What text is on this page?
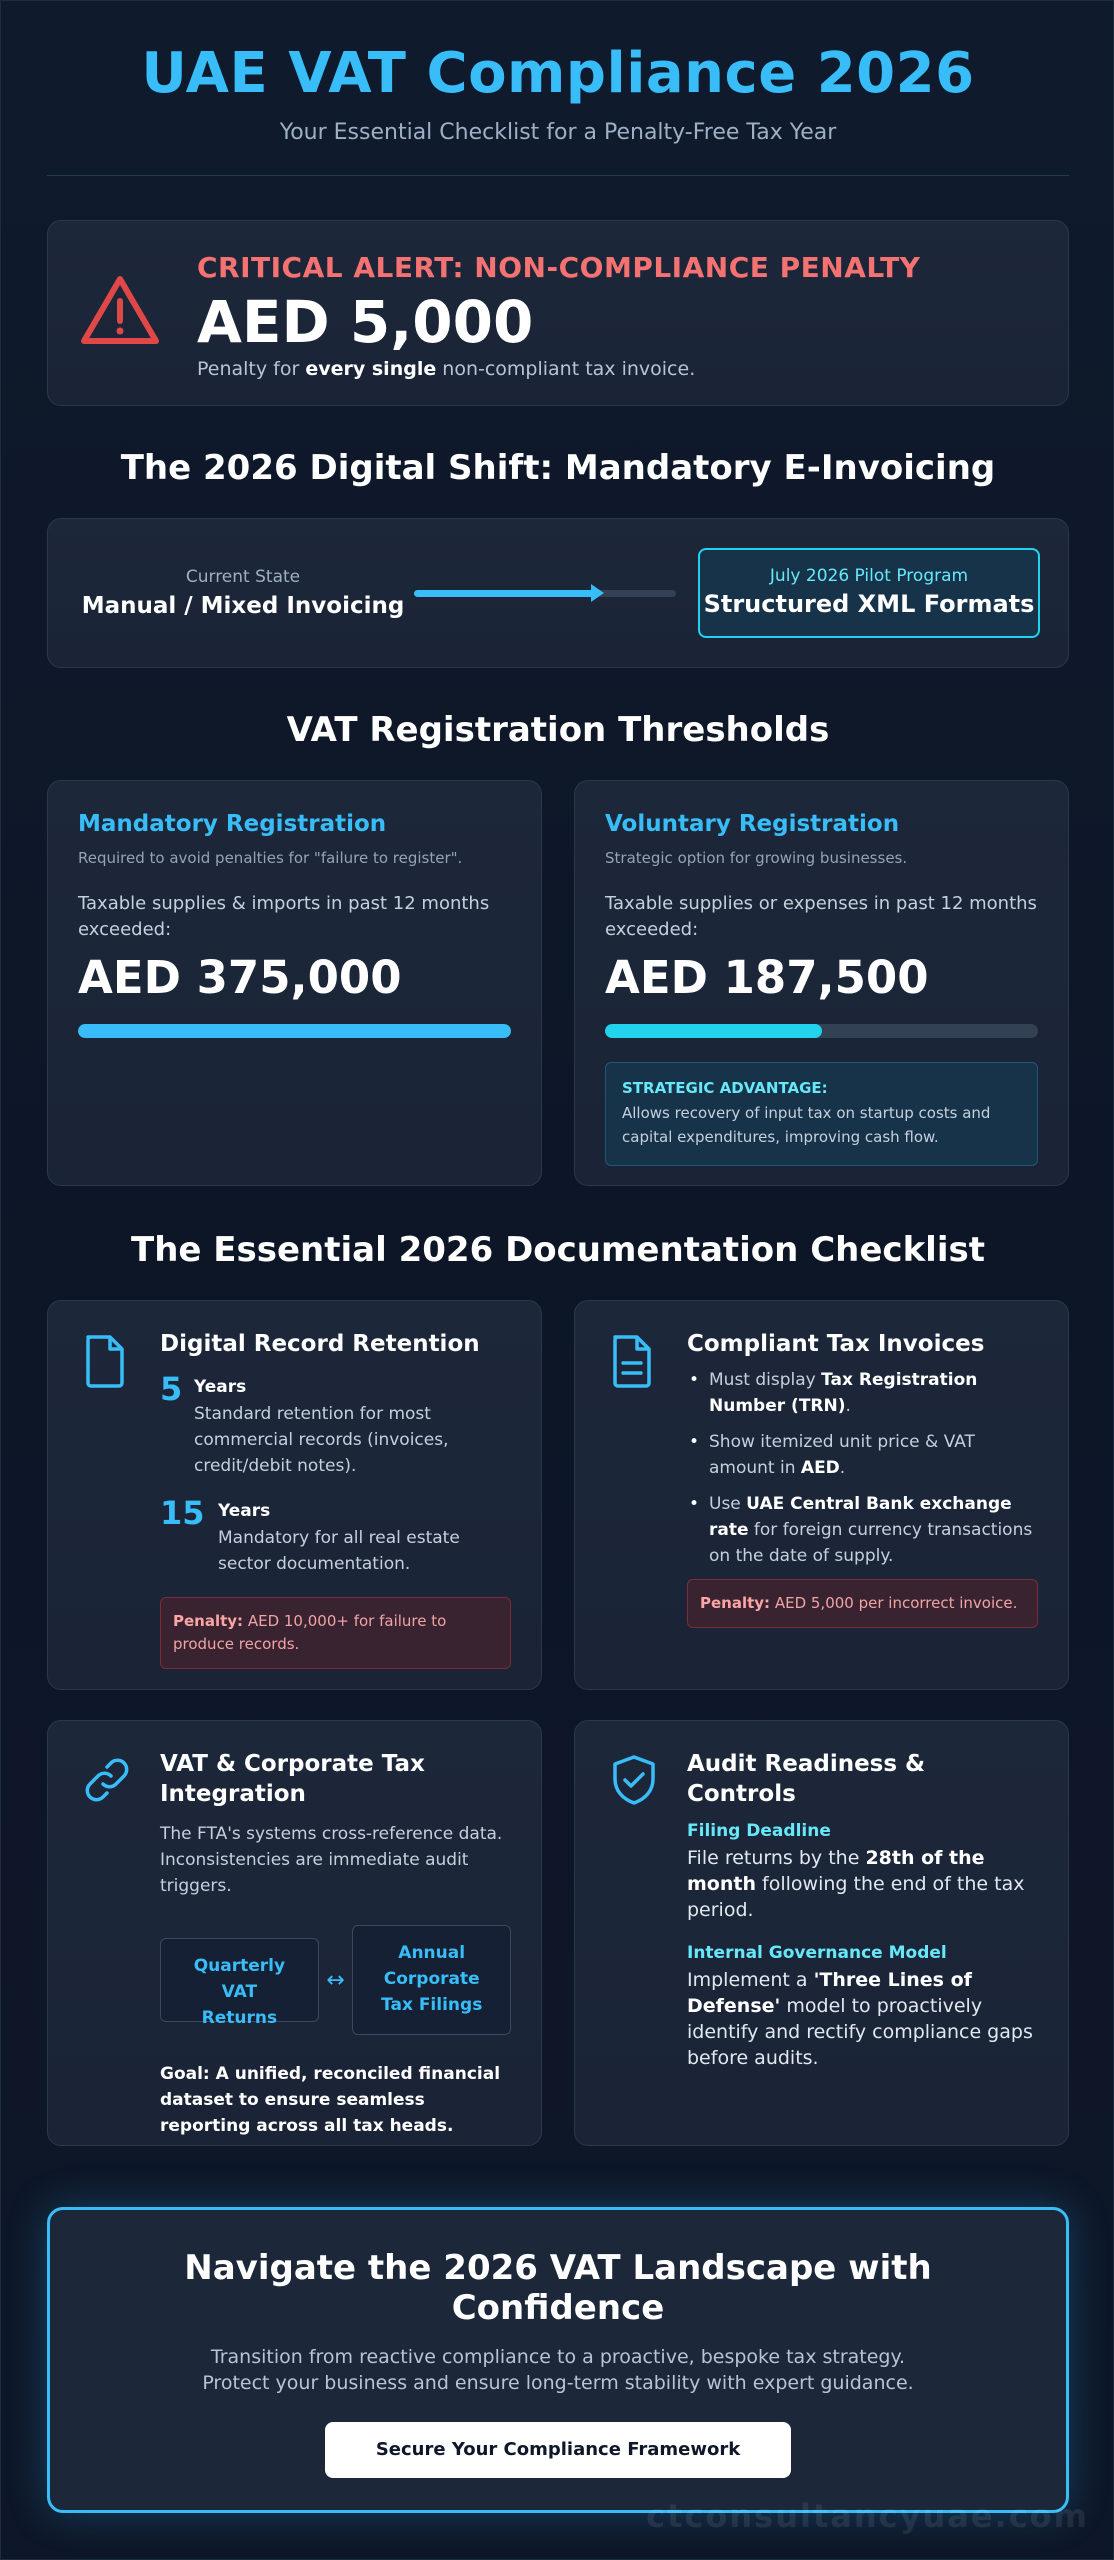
UAE VAT Compliance 2026
Your Essential Checklist for a Penalty-Free Tax Year
CRITICAL ALERT: NON-COMPLIANCE PENALTY
AED 5,000
Penalty for every single non-compliant tax invoice.
The 2026 Digital Shift: Mandatory E-Invoicing
Current State
Manual / Mixed Invoicing
July 2026 Pilot Program
Structured XML Formats
VAT Registration Thresholds
Mandatory Registration
Required to avoid penalties for "failure to register".
Taxable supplies & imports in past 12 months exceeded:
AED 375,000
Voluntary Registration
Strategic option for growing businesses.
Taxable supplies or expenses in past 12 months exceeded:
AED 187,500
STRATEGIC ADVANTAGE:
Allows recovery of input tax on startup costs and capital expenditures, improving cash flow.
The Essential 2026 Documentation Checklist
Digital Record Retention
5 Years
Standard retention for most commercial records (invoices, credit/debit notes).
15 Years
Mandatory for all real estate sector documentation.
Penalty: AED 10,000+ for failure to produce records.
Compliant Tax Invoices
• Must display Tax Registration Number (TRN).
• Show itemized unit price & VAT amount in AED.
• Use UAE Central Bank exchange rate for foreign currency transactions on the date of supply.
Penalty: AED 5,000 per incorrect invoice.
VAT & Corporate Tax Integration
The FTA's systems cross-reference data. Inconsistencies are immediate audit triggers.
Quarterly VAT Returns
↔
Annual Corporate Tax Filings
Goal: A unified, reconciled financial dataset to ensure seamless reporting across all tax heads.
Audit Readiness & Controls
Filing Deadline
File returns by the 28th of the month following the end of the tax period.
Internal Governance Model
Implement a 'Three Lines of Defense' model to proactively identify and rectify compliance gaps before audits.
Navigate the 2026 VAT Landscape with Confidence
Transition from reactive compliance to a proactive, bespoke tax strategy.
Protect your business and ensure long-term stability with expert guidance.
Secure Your Compliance Framework
ctconsultancyuae.com
